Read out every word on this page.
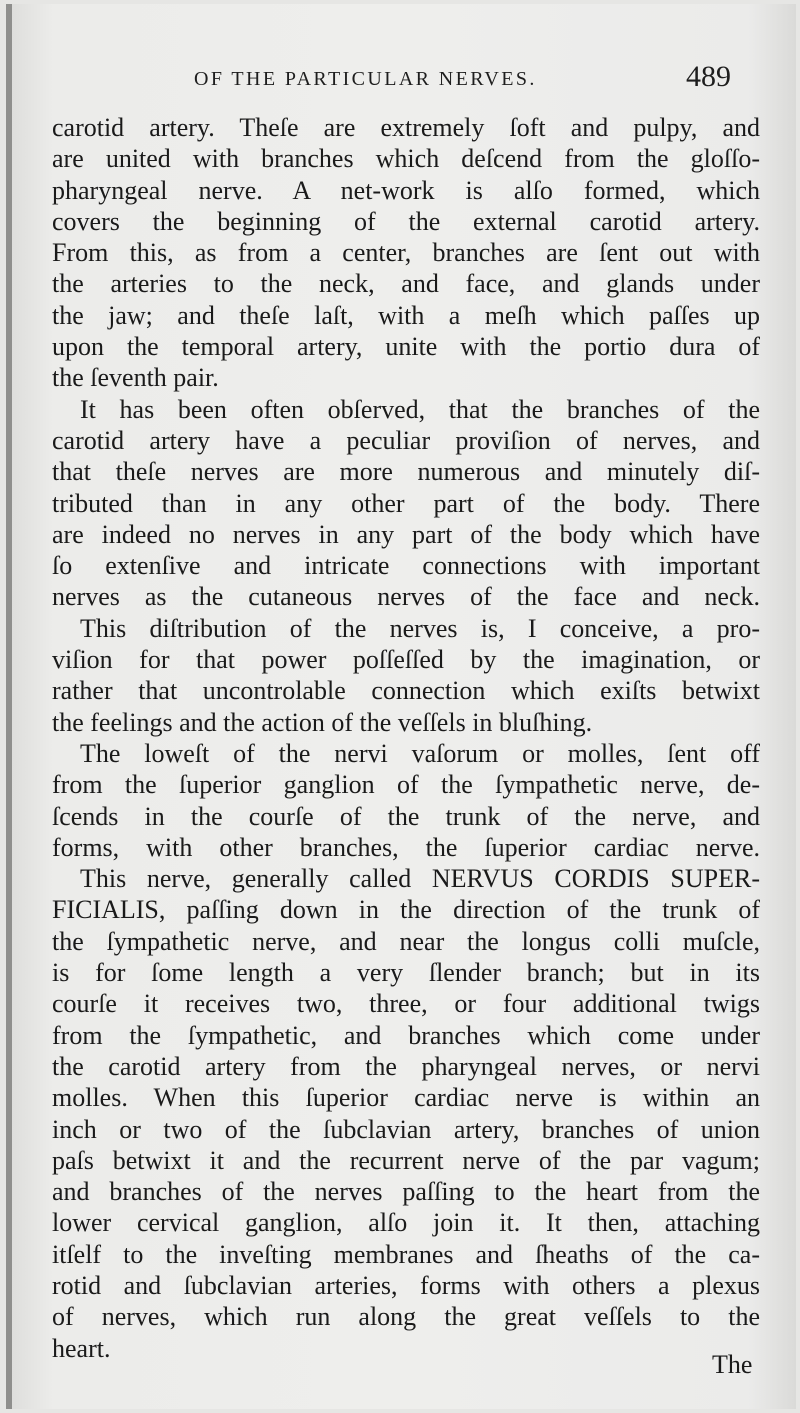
OF THE PARTICULAR NERVES.	489
carotid artery. Theſe are extremely ſoft and pulpy, and
are united with branches which deſcend from the gloſſo-
pharyngeal nerve. A net-work is alſo formed, which
covers the beginning of the external carotid artery.
From this, as from a center, branches are ſent out with
the arteries to the neck, and face, and glands under
the jaw; and theſe laſt, with a meſh which paſſes up
upon the temporal artery, unite with the portio dura of
the ſeventh pair.
It has been often obſerved, that the branches of the
carotid artery have a peculiar proviſion of nerves, and
that theſe nerves are more numerous and minutely diſ-
tributed than in any other part of the body. There
are indeed no nerves in any part of the body which have
ſo extenſive and intricate connections with important
nerves as the cutaneous nerves of the face and neck.
This diſtribution of the nerves is, I conceive, a pro-
viſion for that power poſſeſſed by the imagination, or
rather that uncontrolable connection which exiſts betwixt
the feelings and the action of the veſſels in bluſhing.
The loweſt of the nervi vaſorum or molles, ſent off
from the ſuperior ganglion of the ſympathetic nerve, de-
ſcends in the courſe of the trunk of the nerve, and
forms, with other branches, the ſuperior cardiac nerve.
This nerve, generally called NERVUS CORDIS SUPER-
FICIALIS, paſſing down in the direction of the trunk of
the ſympathetic nerve, and near the longus colli muſcle,
is for ſome length a very ſlender branch; but in its
courſe it receives two, three, or four additional twigs
from the ſympathetic, and branches which come under
the carotid artery from the pharyngeal nerves, or nervi
molles. When this ſuperior cardiac nerve is within an
inch or two of the ſubclavian artery, branches of union
paſs betwixt it and the recurrent nerve of the par vagum;
and branches of the nerves paſſing to the heart from the
lower cervical ganglion, alſo join it. It then, attaching
itſelf to the inveſting membranes and ſheaths of the ca-
rotid and ſubclavian arteries, forms with others a plexus
of nerves, which run along the great veſſels to the
heart.
The
